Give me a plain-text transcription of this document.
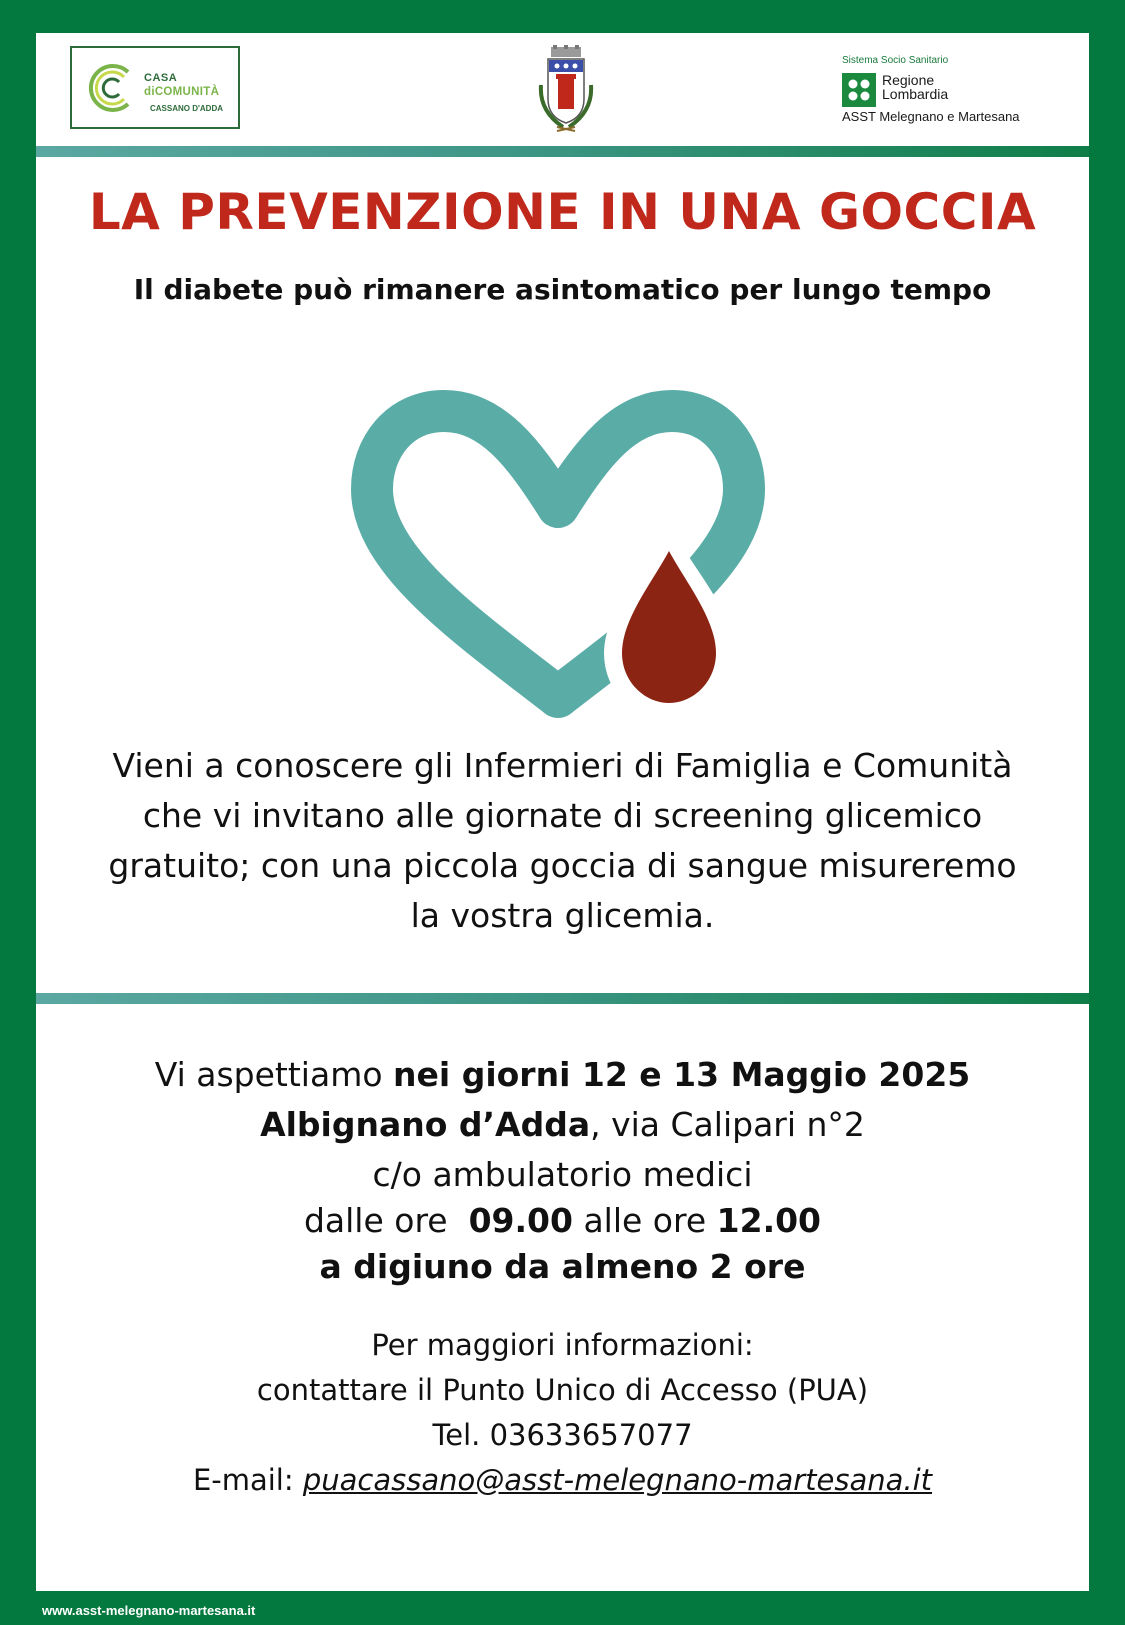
CASA
diCOMUNITÀ
CASSANO D'ADDA
Sistema Socio Sanitario
Regione
Lombardia
ASST Melegnano e Martesana
LA PREVENZIONE IN UNA GOCCIA
Il diabete può rimanere asintomatico per lungo tempo
Vieni a conoscere gli Infermieri di Famiglia e Comunità
che vi invitano alle giornate di screening glicemico
gratuito; con una piccola goccia di sangue misureremo
la vostra glicemia.
Vi aspettiamo nei giorni 12 e 13 Maggio 2025
Albignano d’Adda, via Calipari n°2
c/o ambulatorio medici
dalle ore  09.00 alle ore 12.00
a digiuno da almeno 2 ore
Per maggiori informazioni:
contattare il Punto Unico di Accesso (PUA)
Tel. 03633657077
E-mail: puacassano@asst-melegnano-martesana.it
www.asst-melegnano-martesana.it
